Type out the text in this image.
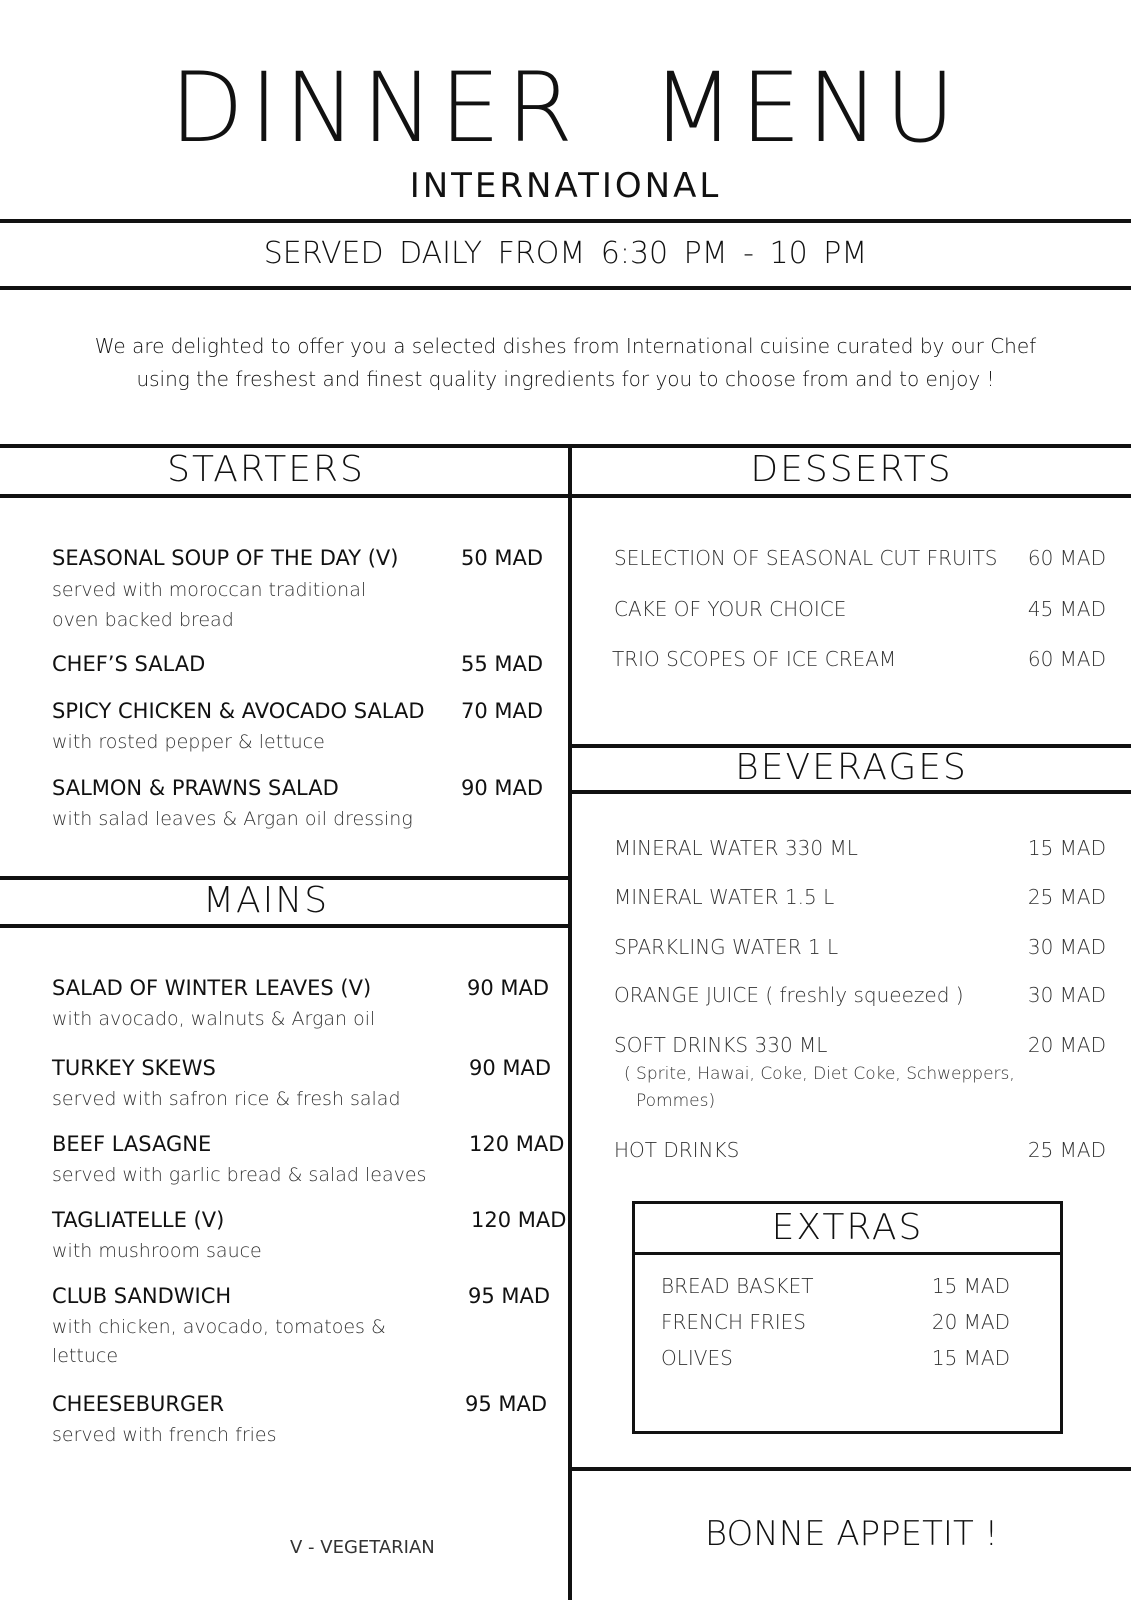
DINNER MENU
INTERNATIONAL
SERVED DAILY FROM 6:30 PM - 10 PM
We are delighted to offer you a selected dishes from International cuisine curated by our Chef
using the freshest and finest quality ingredients for you to choose from and to enjoy !
STARTERS	DESSERTS
BEVERAGES
MAINS
SEASONAL SOUP OF THE DAY (V)	50 MAD
served with moroccan traditional
oven backed bread
CHEF’S SALAD	55 MAD
SPICY CHICKEN & AVOCADO SALAD 70 MAD
with rosted pepper & lettuce
SALMON & PRAWNS SALAD	90 MAD
with salad leaves & Argan oil dressing
SALAD OF WINTER LEAVES (V)	90 MAD
with avocado, walnuts & Argan oil
TURKEY SKEWS	90 MAD
served with safron rice & fresh salad
BEEF LASAGNE	120 MAD
served with garlic bread & salad leaves
TAGLIATELLE (V)	120 MAD
with mushroom sauce
CLUB SANDWICH	95 MAD
with chicken, avocado, tomatoes &
lettuce
CHEESEBURGER	95 MAD
served with french fries
SELECTION OF SEASONAL CUT FRUITS	60 MAD
CAKE OF YOUR CHOICE	45 MAD
TRIO SCOPES OF ICE CREAM	60 MAD
MINERAL WATER 330 ML	15 MAD
MINERAL WATER 1.5 L	25 MAD
SPARKLING WATER 1 L	30 MAD
ORANGE JUICE ( freshly squeezed )	30 MAD
SOFT DRINKS 330 ML	20 MAD
( Sprite, Hawai, Coke, Diet Coke, Schweppers,
Pommes)
HOT DRINKS	25 MAD
EXTRAS
BREAD BASKET	15 MAD
FRENCH FRIES	20 MAD
OLIVES	15 MAD
V - VEGETARIAN	BONNE APPETIT !
